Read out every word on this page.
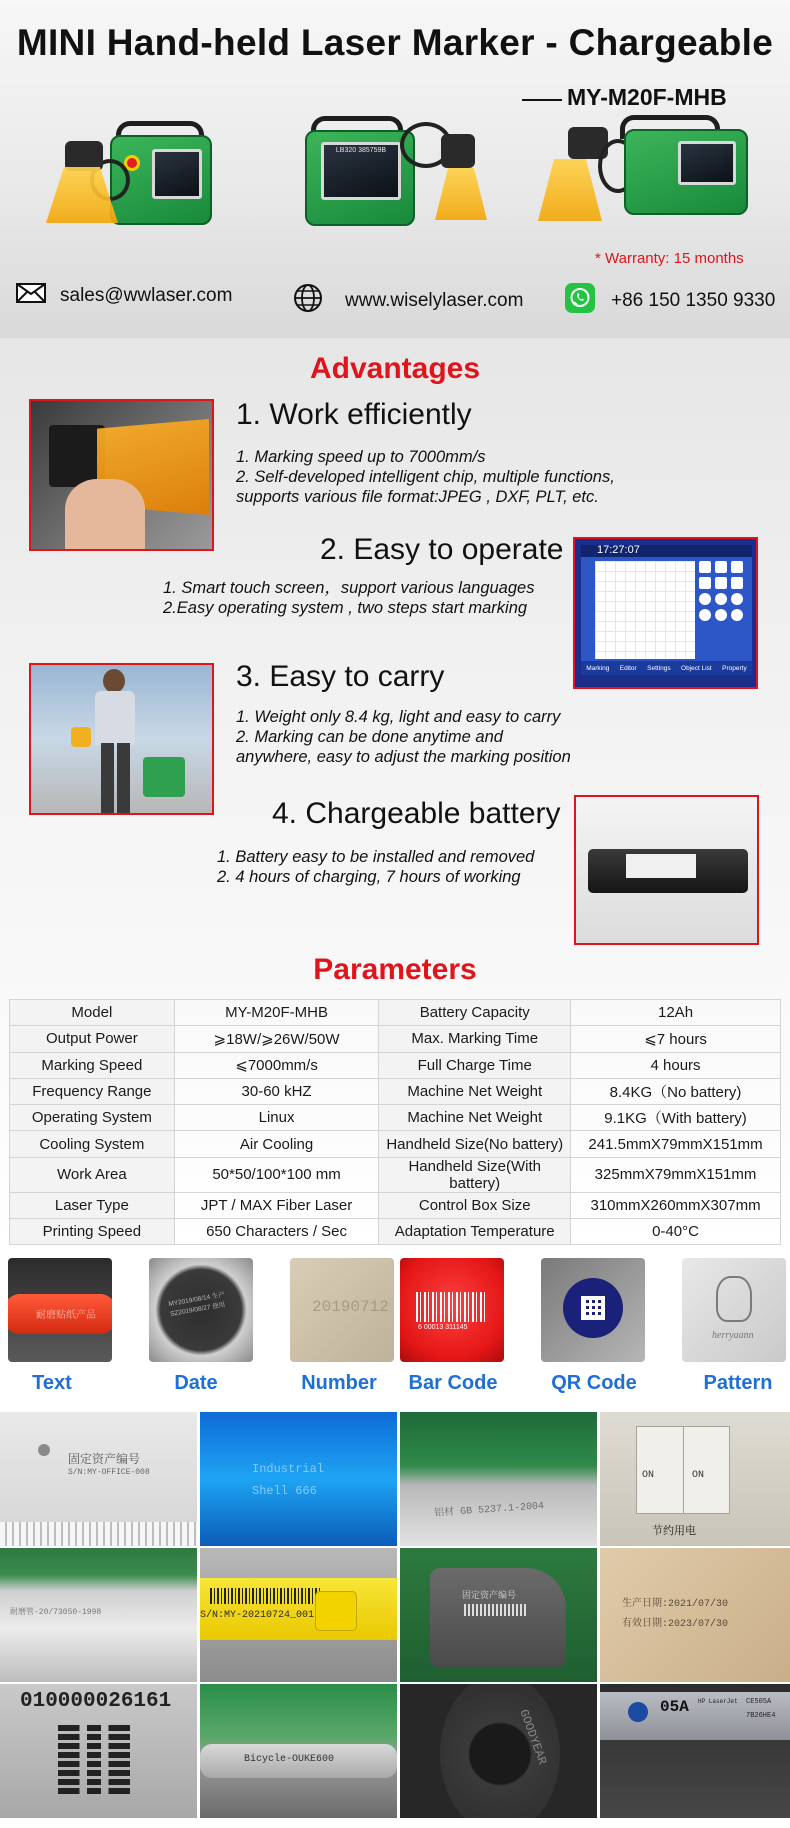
MINI Hand-held Laser Marker - Chargeable
MY-M20F-MHB
LB320 385759B
* Warranty: 15 months
sales@wwlaser.com	www.wiselylaser.com	+86 150 1350 9330
Advantages
1. Work efficiently
1. Marking speed up to 7000mm/s
2. Self-developed intelligent chip, multiple functions,
supports various file format:JPEG , DXF, PLT, etc.
2. Easy to operate
1. Smart touch screen，support various languages
2.Easy operating system , two steps start marking
17:27:07
Marking Editor Settings Object List Property
3. Easy to carry
1. Weight only 8.4 kg, light and easy to carry
2. Marking can be done anytime and
anywhere, easy to adjust the marking position
4. Chargeable battery
1. Battery easy to be installed and removed
2. 4 hours of charging, 7 hours of working
Parameters
Model	MY-M20F-MHB	Battery Capacity	12Ah
Output Power	⩾18W/⩾26W/50W	Max. Marking Time	⩽7 hours
Marking Speed	⩽7000mm/s	Full Charge Time	4 hours
Frequency Range	30-60 kHZ	Machine Net Weight	8.4KG（No battery)
Operating System	Linux	Machine Net Weight	9.1KG（With battery)
Cooling System	Air Cooling	Handheld Size(No battery)	241.5mmX79mmX151mm
Work Area	50*50/100*100 mm	Handheld Size(With battery)	325mmX79mmX151mm
Laser Type	JPT / MAX Fiber Laser	Control Box Size	310mmX260mmX307mm
Printing Speed	650 Characters / Sec	Adaptation Temperature	0-40°C
耐磨贴纸产品
MY2019/08/14 生产
SZ2019/08/27 使用	20190712
6 00013 311145
herryaann
Text	Date	Number	Bar Code	QR Code	Pattern
固定资产编号
S/N:MY-OFFICE-008	Industrial
Shell 666
铝材 GB 5237.1-2004
ON	ON
节约用电
耐磨管-20/73050-1998	S/N:MY-20210724_001
固定资产编号
生产日期:2021/07/30
有效日期:2023/07/30
010000026161
Bicycle-OUKE600	GOODYEAR
05A HP LaserJet CE505A
7B26HE4
